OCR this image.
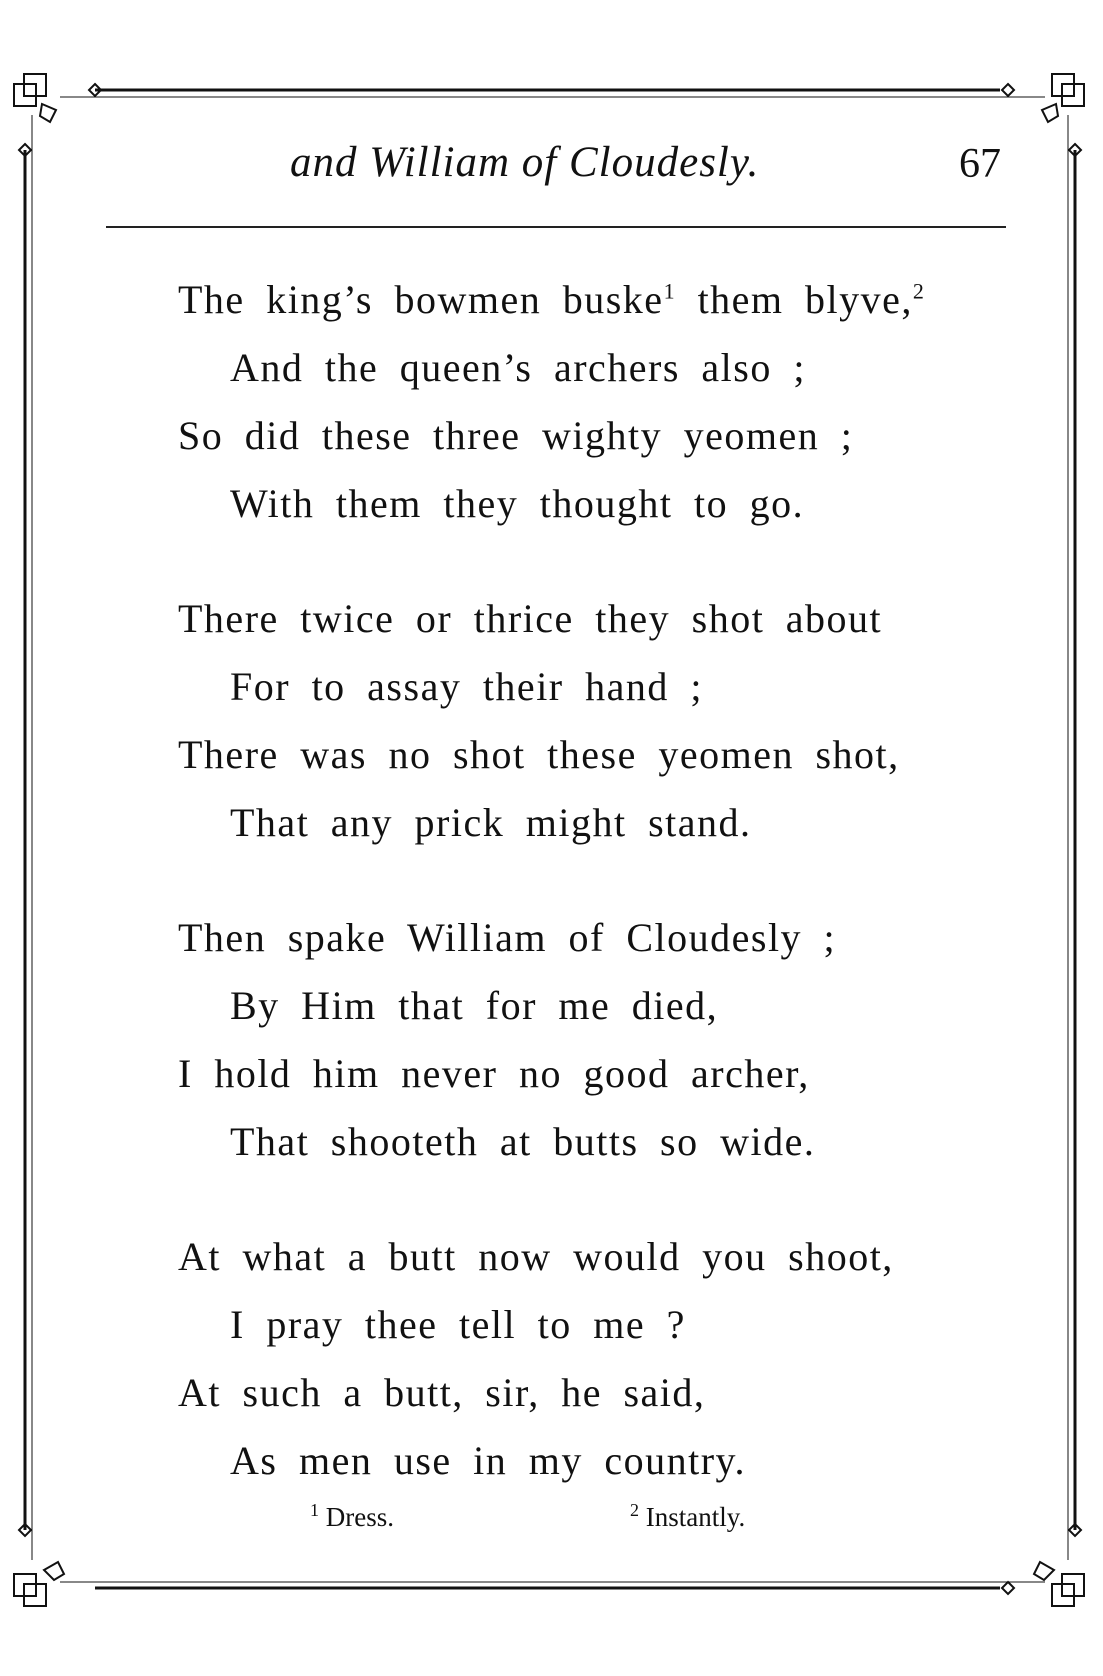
and William of Cloudesly.	67
The king’s bowmen buske$^1$ them blyve,$^2$
And the queen’s archers also ;
So did these three wighty yeomen ;
With them they thought to go.
There twice or thrice they shot about
For to assay their hand ;
There was no shot these yeomen shot,
That any prick might stand.
Then spake William of Cloudesly ;
By Him that for me died,
I hold him never no good archer,
That shooteth at butts so wide.
At what a butt now would you shoot,
I pray thee tell to me ?
At such a butt, sir, he said,
As men use in my country.
$^1$ Dress.	$^2$ Instantly.
